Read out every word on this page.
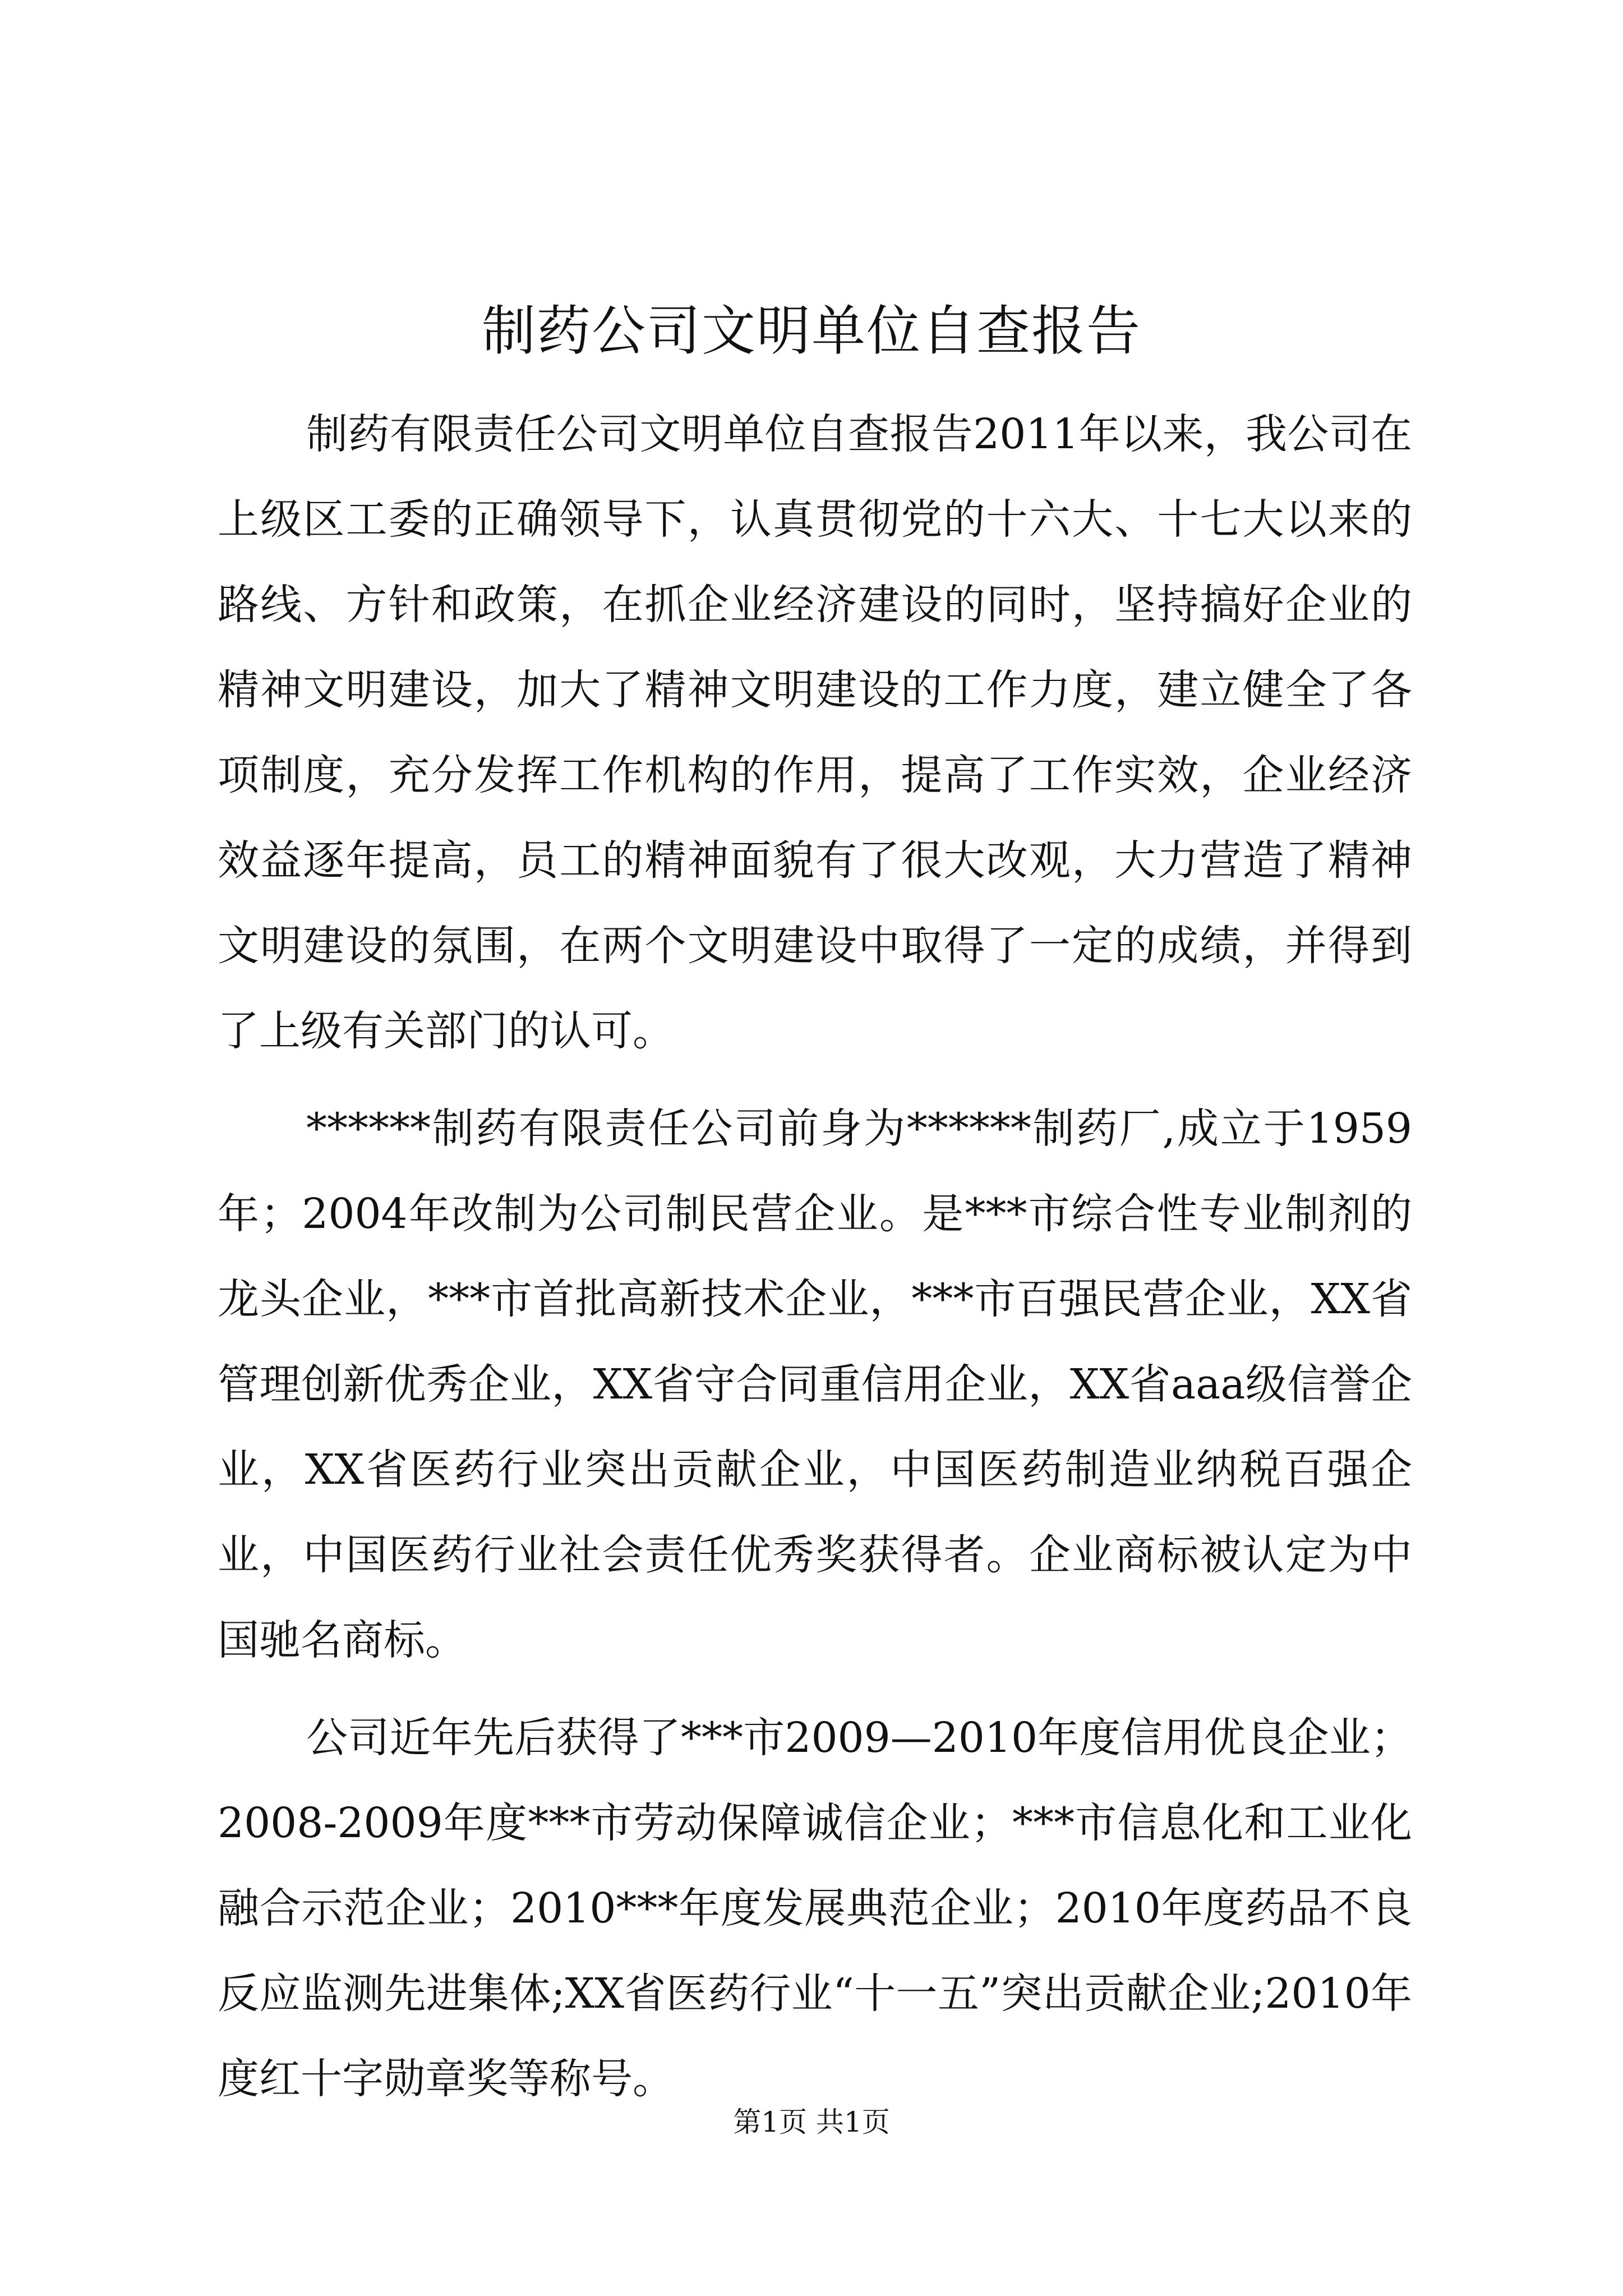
制药公司文明单位自查报告

制药有限责任公司文明单位自查报告2011年以来，我公司在上级区工委的正确领导下，认真贯彻党的十六大、十七大以来的路线、方针和政策，在抓企业经济建设的同时，坚持搞好企业的精神文明建设，加大了精神文明建设的工作力度，建立健全了各项制度，充分发挥工作机构的作用，提高了工作实效，企业经济效益逐年提高，员工的精神面貌有了很大改观，大力营造了精神文明建设的氛围，在两个文明建设中取得了一定的成绩，并得到了上级有关部门的认可。

******制药有限责任公司前身为******制药厂,成立于1959年；2004年改制为公司制民营企业。是***市综合性专业制剂的龙头企业，***市首批高新技术企业，***市百强民营企业，XX省管理创新优秀企业，XX省守合同重信用企业，XX省aaa级信誉企业，XX省医药行业突出贡献企业，中国医药制造业纳税百强企业，中国医药行业社会责任优秀奖获得者。企业商标被认定为中国驰名商标。

公司近年先后获得了***市2009—2010年度信用优良企业；2008-2009年度***市劳动保障诚信企业；***市信息化和工业化融合示范企业；2010***年度发展典范企业；2010年度药品不良反应监测先进集体;XX省医药行业“十一五”突出贡献企业;2010年度红十字勋章奖等称号。

第1页 共1页
